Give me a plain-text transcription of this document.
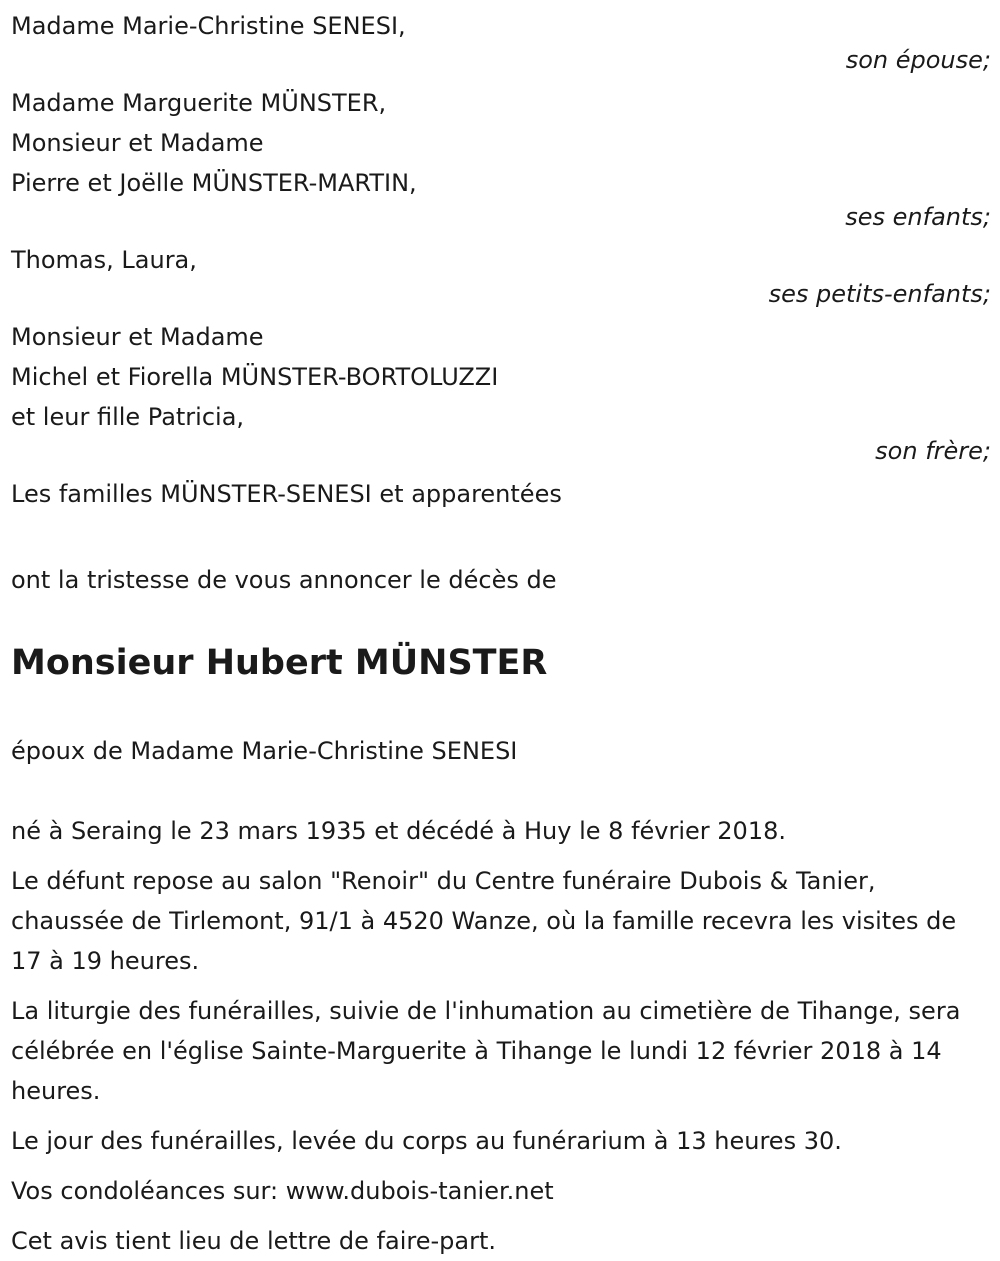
Madame Marie-Christine SENESI,
son épouse;
Madame Marguerite MÜNSTER,
Monsieur et Madame
Pierre et Joëlle MÜNSTER-MARTIN,
ses enfants;
Thomas, Laura,
ses petits-enfants;
Monsieur et Madame
Michel et Fiorella MÜNSTER-BORTOLUZZI
et leur fille Patricia,
son frère;
Les familles MÜNSTER-SENESI et apparentées
ont la tristesse de vous annoncer le décès de
Monsieur Hubert MÜNSTER
époux de Madame Marie-Christine SENESI
né à Seraing le 23 mars 1935 et décédé à Huy le 8 février 2018.
Le défunt repose au salon "Renoir" du Centre funéraire Dubois & Tanier, chaussée de Tirlemont, 91/1 à 4520 Wanze, où la famille recevra les visites de 17 à 19 heures.
La liturgie des funérailles, suivie de l'inhumation au cimetière de Tihange, sera célébrée en l'église Sainte-Marguerite à Tihange le lundi 12 février 2018 à 14 heures.
Le jour des funérailles, levée du corps au funérarium à 13 heures 30.
Vos condoléances sur: www.dubois-tanier.net
Cet avis tient lieu de lettre de faire-part.
